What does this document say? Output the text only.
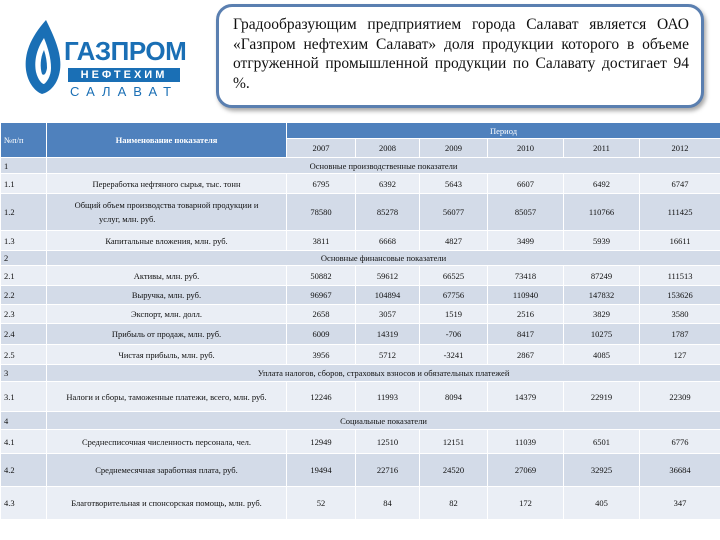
ГАЗПРОМ
НЕФТЕХИМ
САЛАВАТ
Градообразующим предприятием города Салават является ОАО «Газпром нефтехим Салават» доля продукции которого в объеме отгруженной промышленной продукции по Салавату достигает 94 %.
№п/п	Наименование показателя	Период					
		2007	2008	2009	2010	2011	2012
1	Основные производственные показатели						
1.1	Переработка нефтяного сырья, тыс. тонн	6795	6392	5643	6607	6492	6747
1.2	Общий объем производства товарной продукции и
услуг, млн. руб.	78580	85278	56077	85057	110766	111425
1.3	Капитальные вложения, млн. руб.	3811	6668	4827	3499	5939	16611
2	Основные финансовые показатели						
2.1	Активы, млн. руб.	50882	59612	66525	73418	87249	111513
2.2	Выручка, млн. руб.	96967	104894	67756	110940	147832	153626
2.3	Экспорт, млн. долл.	2658	3057	1519	2516	3829	3580
2.4	Прибыль от продаж, млн. руб.	6009	14319	-706	8417	10275	1787
2.5	Чистая прибыль, млн. руб.	3956	5712	-3241	2867	4085	127
3	Уплата налогов, сборов, страховых взносов и обязательных платежей						
3.1	Налоги и сборы, таможенные платежи, всего, млн. руб.	12246	11993	8094	14379	22919	22309
4	Социальные показатели						
4.1	Среднесписочная численность персонала, чел.	12949	12510	12151	11039	6501	6776
4.2	Среднемесячная заработная плата, руб.	19494	22716	24520	27069	32925	36684
4.3	Благотворительная и спонсорская помощь, млн. руб.	52	84	82	172	405	347
